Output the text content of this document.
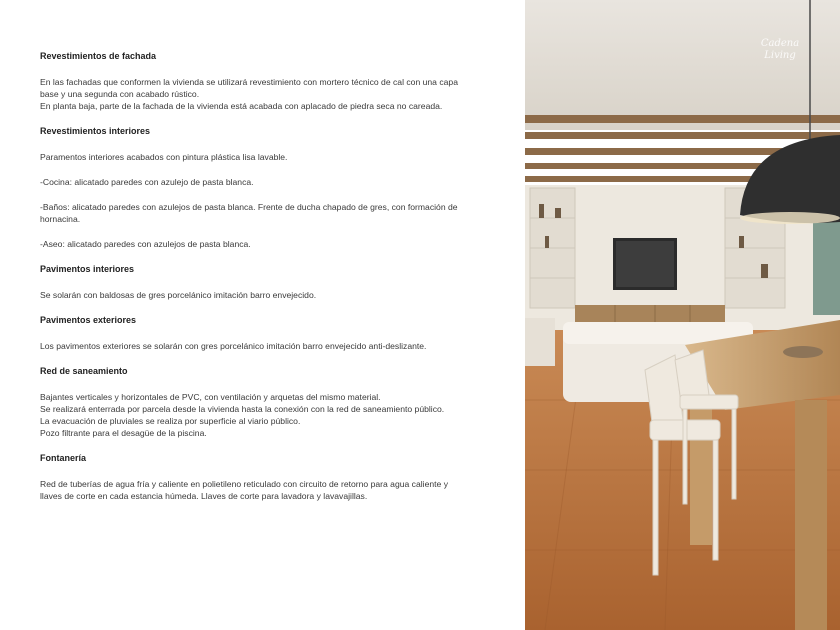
Revestimientos de fachada
En las fachadas que conformen la vivienda se utilizará revestimiento con mortero técnico de cal con una capa base y una segunda con acabado rústico.
En planta baja, parte de la fachada de la vivienda está acabada con aplacado de piedra seca no careada.
Revestimientos interiores
Paramentos interiores acabados con pintura plástica lisa lavable.
-Cocina: alicatado paredes con azulejo de pasta blanca.
-Baños: alicatado paredes con azulejos de pasta blanca. Frente de ducha chapado de gres, con formación de hornacina.
-Aseo: alicatado paredes con azulejos de pasta blanca.
Pavimentos interiores
Se solarán con baldosas de gres porcelánico imitación barro envejecido.
Pavimentos exteriores
Los pavimentos exteriores se solarán con gres porcelánico imitación barro envejecido anti-deslizante.
Red de saneamiento
Bajantes verticales y horizontales de PVC, con ventilación y arquetas del mismo material.
Se realizará enterrada por parcela desde la vivienda hasta la conexión con la red de saneamiento público.
La evacuación de pluviales se realiza por superficie al viario público.
Pozo filtrante para el desagüe de la piscina.
Fontanería
Red de tuberías de agua fría y caliente en polietileno reticulado con circuito de retorno para agua caliente y llaves de corte en cada estancia húmeda. Llaves de corte para lavadora y lavavajillas.
Cadena Living
